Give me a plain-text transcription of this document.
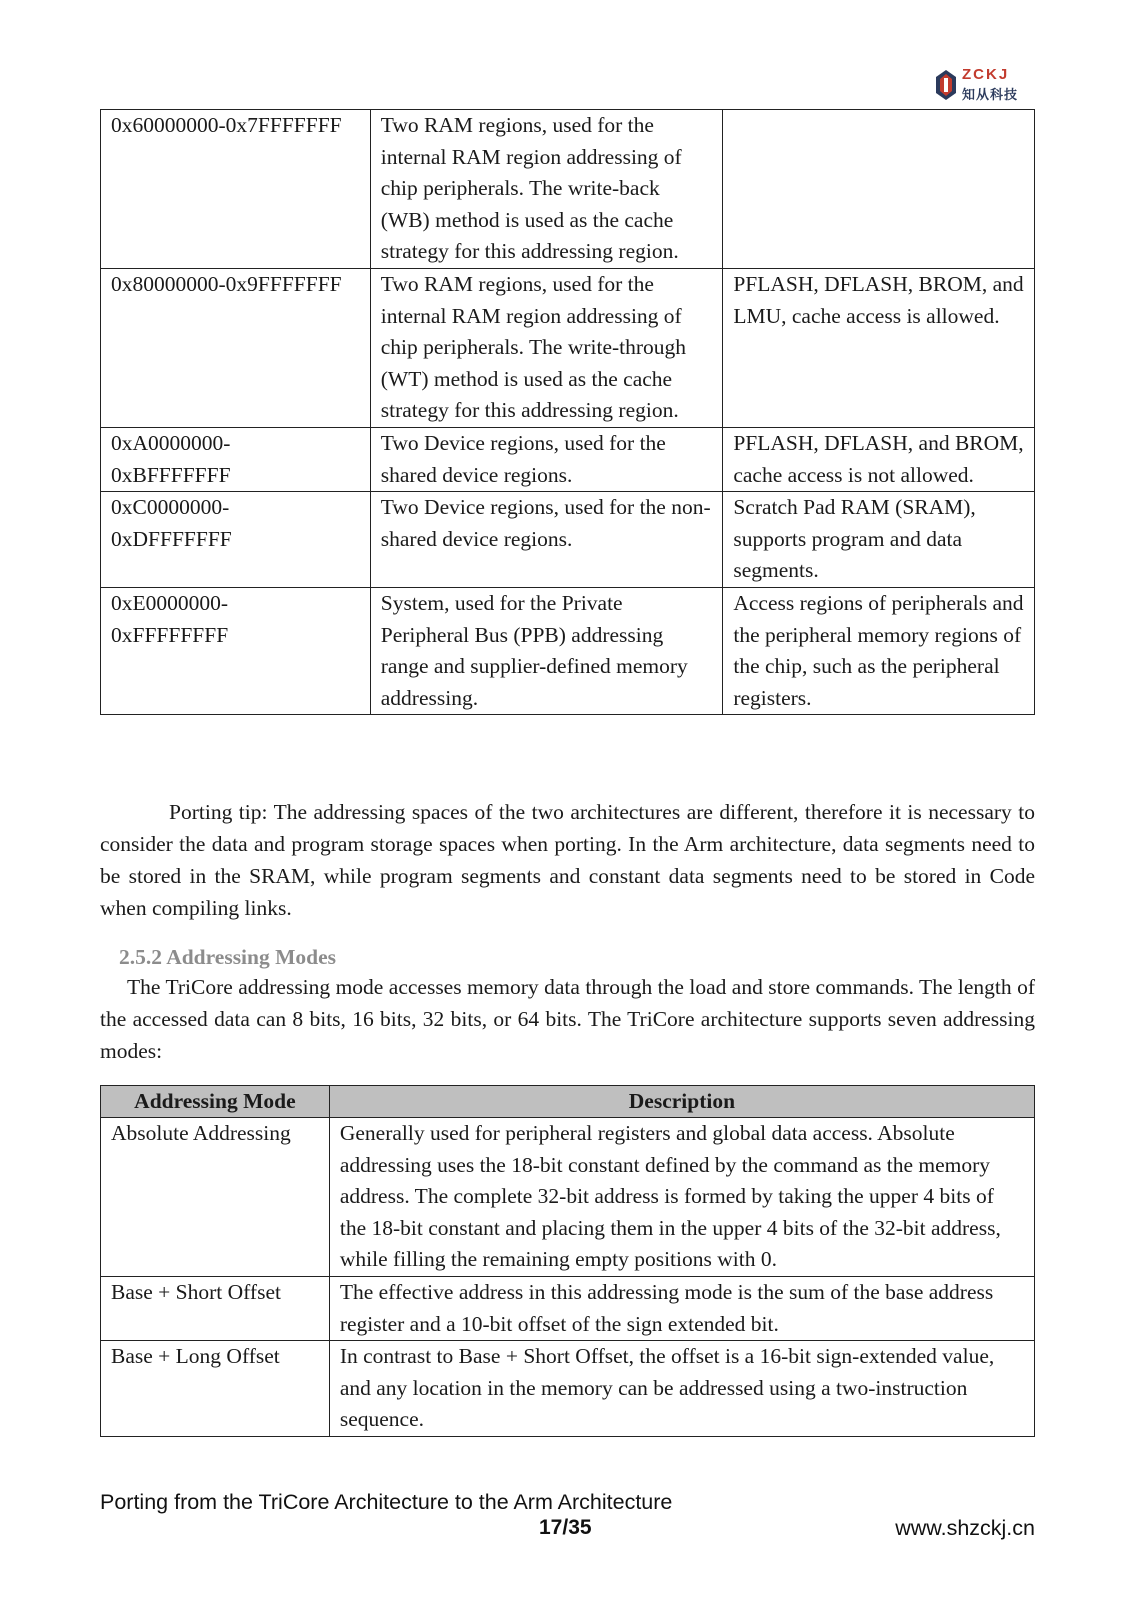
ZCKJ
知从科技
0x60000000-0x7FFFFFFF	Two RAM regions, used for the internal RAM region addressing of chip peripherals. The write-back (WB) method is used as the cache strategy for this addressing region.	
0x80000000-0x9FFFFFFF	Two RAM regions, used for the internal RAM region addressing of chip peripherals. The write-through (WT) method is used as the cache strategy for this addressing region.	PFLASH, DFLASH, BROM, and LMU, cache access is allowed.
0xA0000000-
0xBFFFFFFF	Two Device regions, used for the shared device regions.	PFLASH, DFLASH, and BROM, cache access is not allowed.
0xC0000000-
0xDFFFFFFF	Two Device regions, used for the non-shared device regions.	Scratch Pad RAM (SRAM), supports program and data segments.
0xE0000000-
0xFFFFFFFF	System, used for the Private Peripheral Bus (PPB) addressing range and supplier-defined memory addressing.	Access regions of peripherals and the peripheral memory regions of the chip, such as the peripheral registers.

Porting tip: The addressing spaces of the two architectures are different, therefore it is necessary to consider the data and program storage spaces when porting. In the Arm architecture, data segments need to be stored in the SRAM, while program segments and constant data segments need to be stored in Code when compiling links.

2.5.2 Addressing Modes

The TriCore addressing mode accesses memory data through the load and store commands. The length of the accessed data can 8 bits, 16 bits, 32 bits, or 64 bits. The TriCore architecture supports seven addressing modes:

Addressing Mode	Description
Absolute Addressing	Generally used for peripheral registers and global data access. Absolute addressing uses the 18-bit constant defined by the command as the memory address. The complete 32-bit address is formed by taking the upper 4 bits of the 18-bit constant and placing them in the upper 4 bits of the 32-bit address, while filling the remaining empty positions with 0.
Base + Short Offset	The effective address in this addressing mode is the sum of the base address register and a 10-bit offset of the sign extended bit.
Base + Long Offset	In contrast to Base + Short Offset, the offset is a 16-bit sign-extended value, and any location in the memory can be addressed using a two-instruction sequence.
Porting from the TriCore Architecture to the Arm Architecture
17/35	www.shzckj.cn
